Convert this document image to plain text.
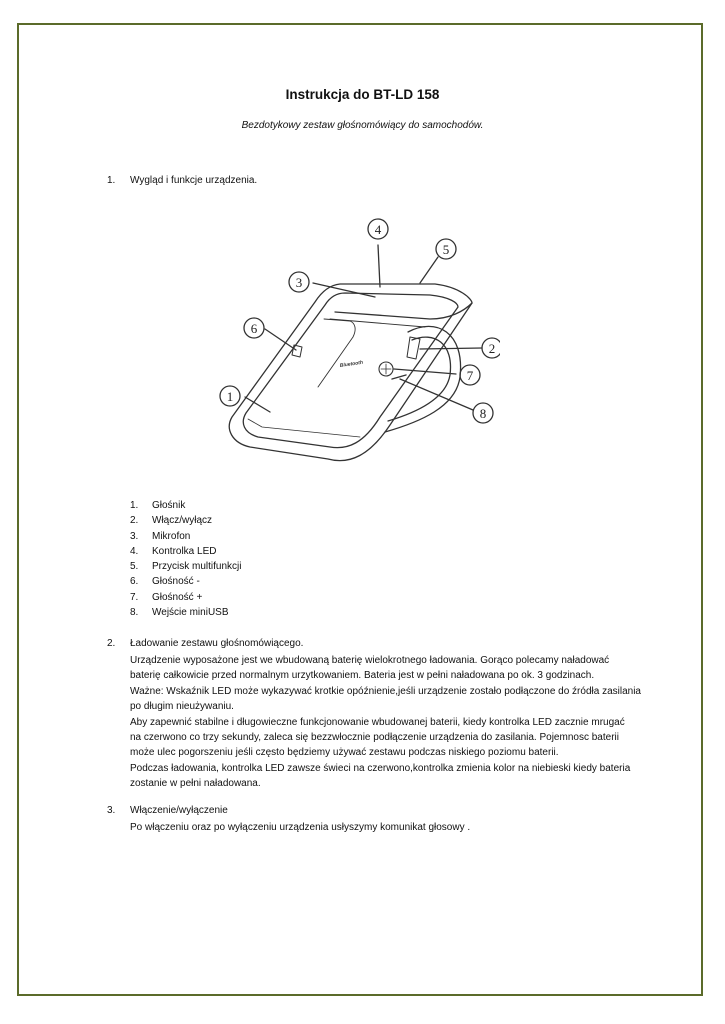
Instrukcja do BT-LD 158
Bezdotykowy zestaw głośnomówiący do samochodów.
1. Wygląd i funkcje urządzenia.
4
5
3
6
2
7
8
1
Bluetooth
1. Głośnik
2. Włącz/wyłącz
3. Mikrofon
4. Kontrolka LED
5. Przycisk multifunkcji
6. Głośność -
7. Głośność +
8. Wejście miniUSB
2. Ładowanie zestawu głośnomówiącego.
Urządzenie wyposażone jest we wbudowaną baterię wielokrotnego ładowania. Gorąco polecamy naładować
baterię całkowicie przed normalnym urzytkowaniem. Bateria jest w pełni naładowana po ok. 3 godzinach.
Ważne: Wskaźnik LED może wykazywać krotkie opóźnienie,jeśli urządzenie zostało podłączone do źródła zasilania
po długim nieużywaniu.
Aby zapewnić stabilne i długowieczne funkcjonowanie wbudowanej baterii, kiedy kontrolka LED zacznie mrugać
na czerwono co trzy sekundy, zaleca się bezzwłocznie podłączenie urządzenia do zasilania. Pojemnosc baterii
może ulec pogorszeniu jeśli często będziemy używać zestawu podczas niskiego poziomu baterii.
Podczas ładowania, kontrolka LED zawsze świeci na czerwono,kontrolka zmienia kolor na niebieski kiedy bateria
zostanie w pełni naładowana.
3. Włączenie/wyłączenie
Po włączeniu oraz po wyłączeniu urządzenia usłyszymy komunikat głosowy .
